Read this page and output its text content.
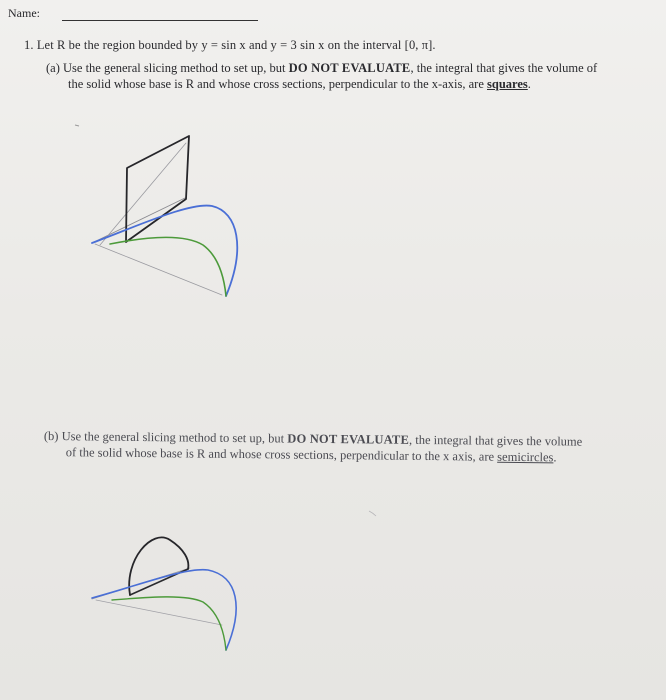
Name:
1. Let R be the region bounded by y = sin x and y = 3 sin x on the interval [0, π].
(a) Use the general slicing method to set up, but DO NOT EVALUATE, the integral that gives the volume of the solid whose base is R and whose cross sections, perpendicular to the x-axis, are squares.
(b) Use the general slicing method to set up, but DO NOT EVALUATE, the integral that gives the volume of the solid whose base is R and whose cross sections, perpendicular to the x axis, are semicircles.
